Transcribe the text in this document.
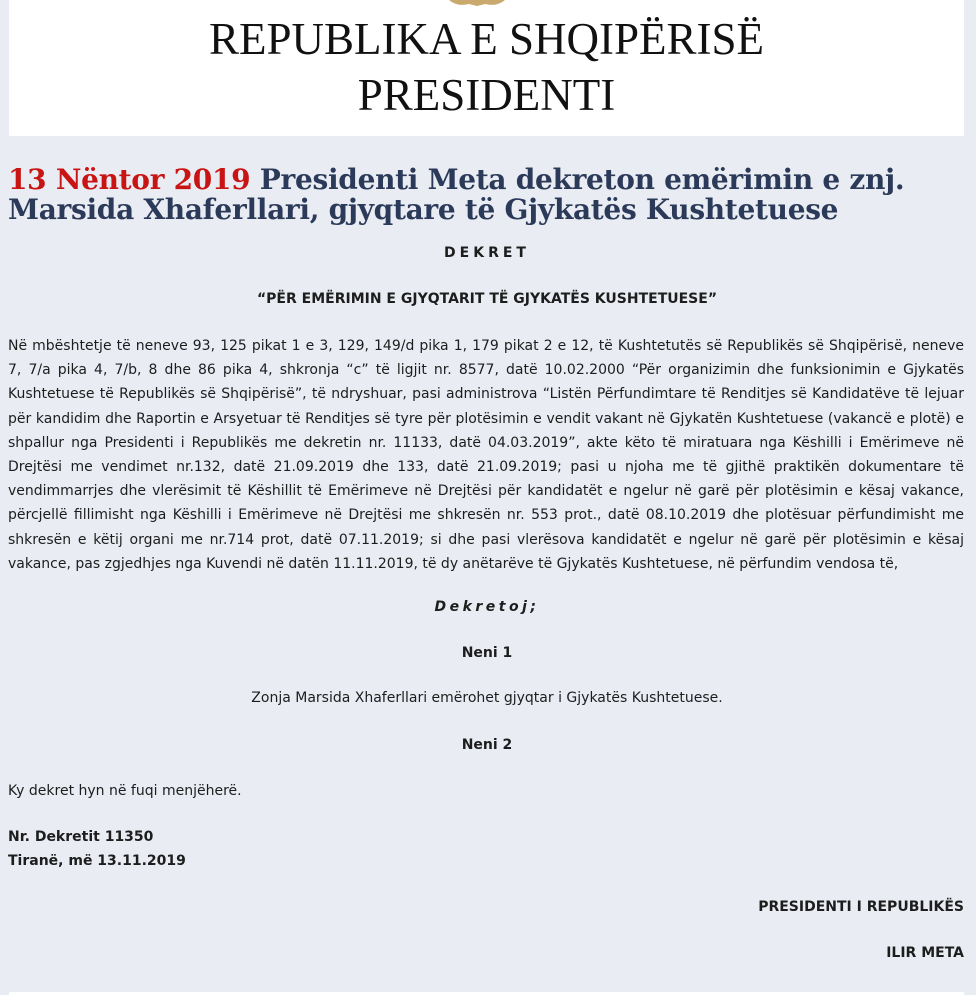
REPUBLIKA E SHQIPËRISË
PRESIDENTI
13 Nëntor 2019 Presidenti Meta dekreton emërimin e znj. Marsida Xhaferllari, gjyqtare të Gjykatës Kushtetuese
DEKRET
“PËR EMËRIMIN E GJYQTARIT TË GJYKATËS KUSHTETUESE”
Në mbështetje të neneve 93, 125 pikat 1 e 3, 129, 149/d pika 1, 179 pikat 2 e 12, të Kushtetutës së Republikës së Shqipërisë, neneve 7, 7/a pika 4, 7/b, 8 dhe 86 pika 4, shkronja “c” të ligjit nr. 8577, datë 10.02.2000 “Për organizimin dhe funksionimin e Gjykatës Kushtetuese të Republikës së Shqipërisë”, të ndryshuar, pasi administrova “Listën Përfundimtare të Renditjes së Kandidatëve të lejuar për kandidim dhe Raportin e Arsyetuar të Renditjes së tyre për plotësimin e vendit vakant në Gjykatën Kushtetuese (vakancë e plotë) e shpallur nga Presidenti i Republikës me dekretin nr. 11133, datë 04.03.2019”, akte këto të miratuara nga Këshilli i Emërimeve në Drejtësi me vendimet nr.132, datë 21.09.2019 dhe 133, datë 21.09.2019; pasi u njoha me të gjithë praktikën dokumentare të vendimmarrjes dhe vlerësimit të Këshillit të Emërimeve në Drejtësi për kandidatët e ngelur në garë për plotësimin e kësaj vakance, përcjellë fillimisht nga Këshilli i Emërimeve në Drejtësi me shkresën nr. 553 prot., datë 08.10.2019 dhe plotësuar përfundimisht me shkresën e këtij organi me nr.714 prot, datë 07.11.2019; si dhe pasi vlerësova kandidatët e ngelur në garë për plotësimin e kësaj vakance, pas zgjedhjes nga Kuvendi në datën 11.11.2019, të dy anëtarëve të Gjykatës Kushtetuese, në përfundim vendosa të,
Dekretoj;
Neni 1
Zonja Marsida Xhaferllari emërohet gjyqtar i Gjykatës Kushtetuese.
Neni 2
Ky dekret hyn në fuqi menjëherë.
Nr. Dekretit 11350
Tiranë, më 13.11.2019
PRESIDENTI I REPUBLIKËS
ILIR META
